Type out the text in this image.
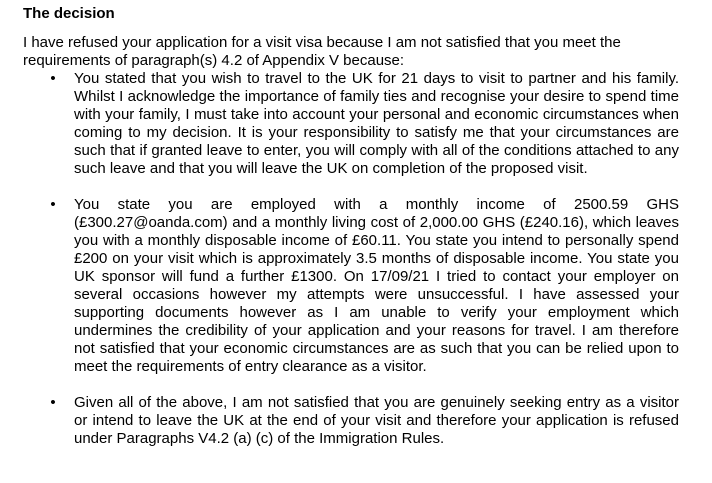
The decision

I have refused your application for a visit visa because I am not satisfied that you meet the requirements of paragraph(s) 4.2 of Appendix V because:

• You stated that you wish to travel to the UK for 21 days to visit to partner and his family. Whilst I acknowledge the importance of family ties and recognise your desire to spend time with your family, I must take into account your personal and economic circumstances when coming to my decision. It is your responsibility to satisfy me that your circumstances are such that if granted leave to enter, you will comply with all of the conditions attached to any such leave and that you will leave the UK on completion of the proposed visit.
• You state you are employed with a monthly income of 2500.59 GHS (£300.27@oanda.com) and a monthly living cost of 2,000.00 GHS (£240.16), which leaves you with a monthly disposable income of £60.11. You state you intend to personally spend £200 on your visit which is approximately 3.5 months of disposable income. You state you UK sponsor will fund a further £1300. On 17/09/21 I tried to contact your employer on several occasions however my attempts were unsuccessful. I have assessed your supporting documents however as I am unable to verify your employment which undermines the credibility of your application and your reasons for travel. I am therefore not satisfied that your economic circumstances are as such that you can be relied upon to meet the requirements of entry clearance as a visitor.
• Given all of the above, I am not satisfied that you are genuinely seeking entry as a visitor or intend to leave the UK at the end of your visit and therefore your application is refused under Paragraphs V4.2 (a) (c) of the Immigration Rules.
